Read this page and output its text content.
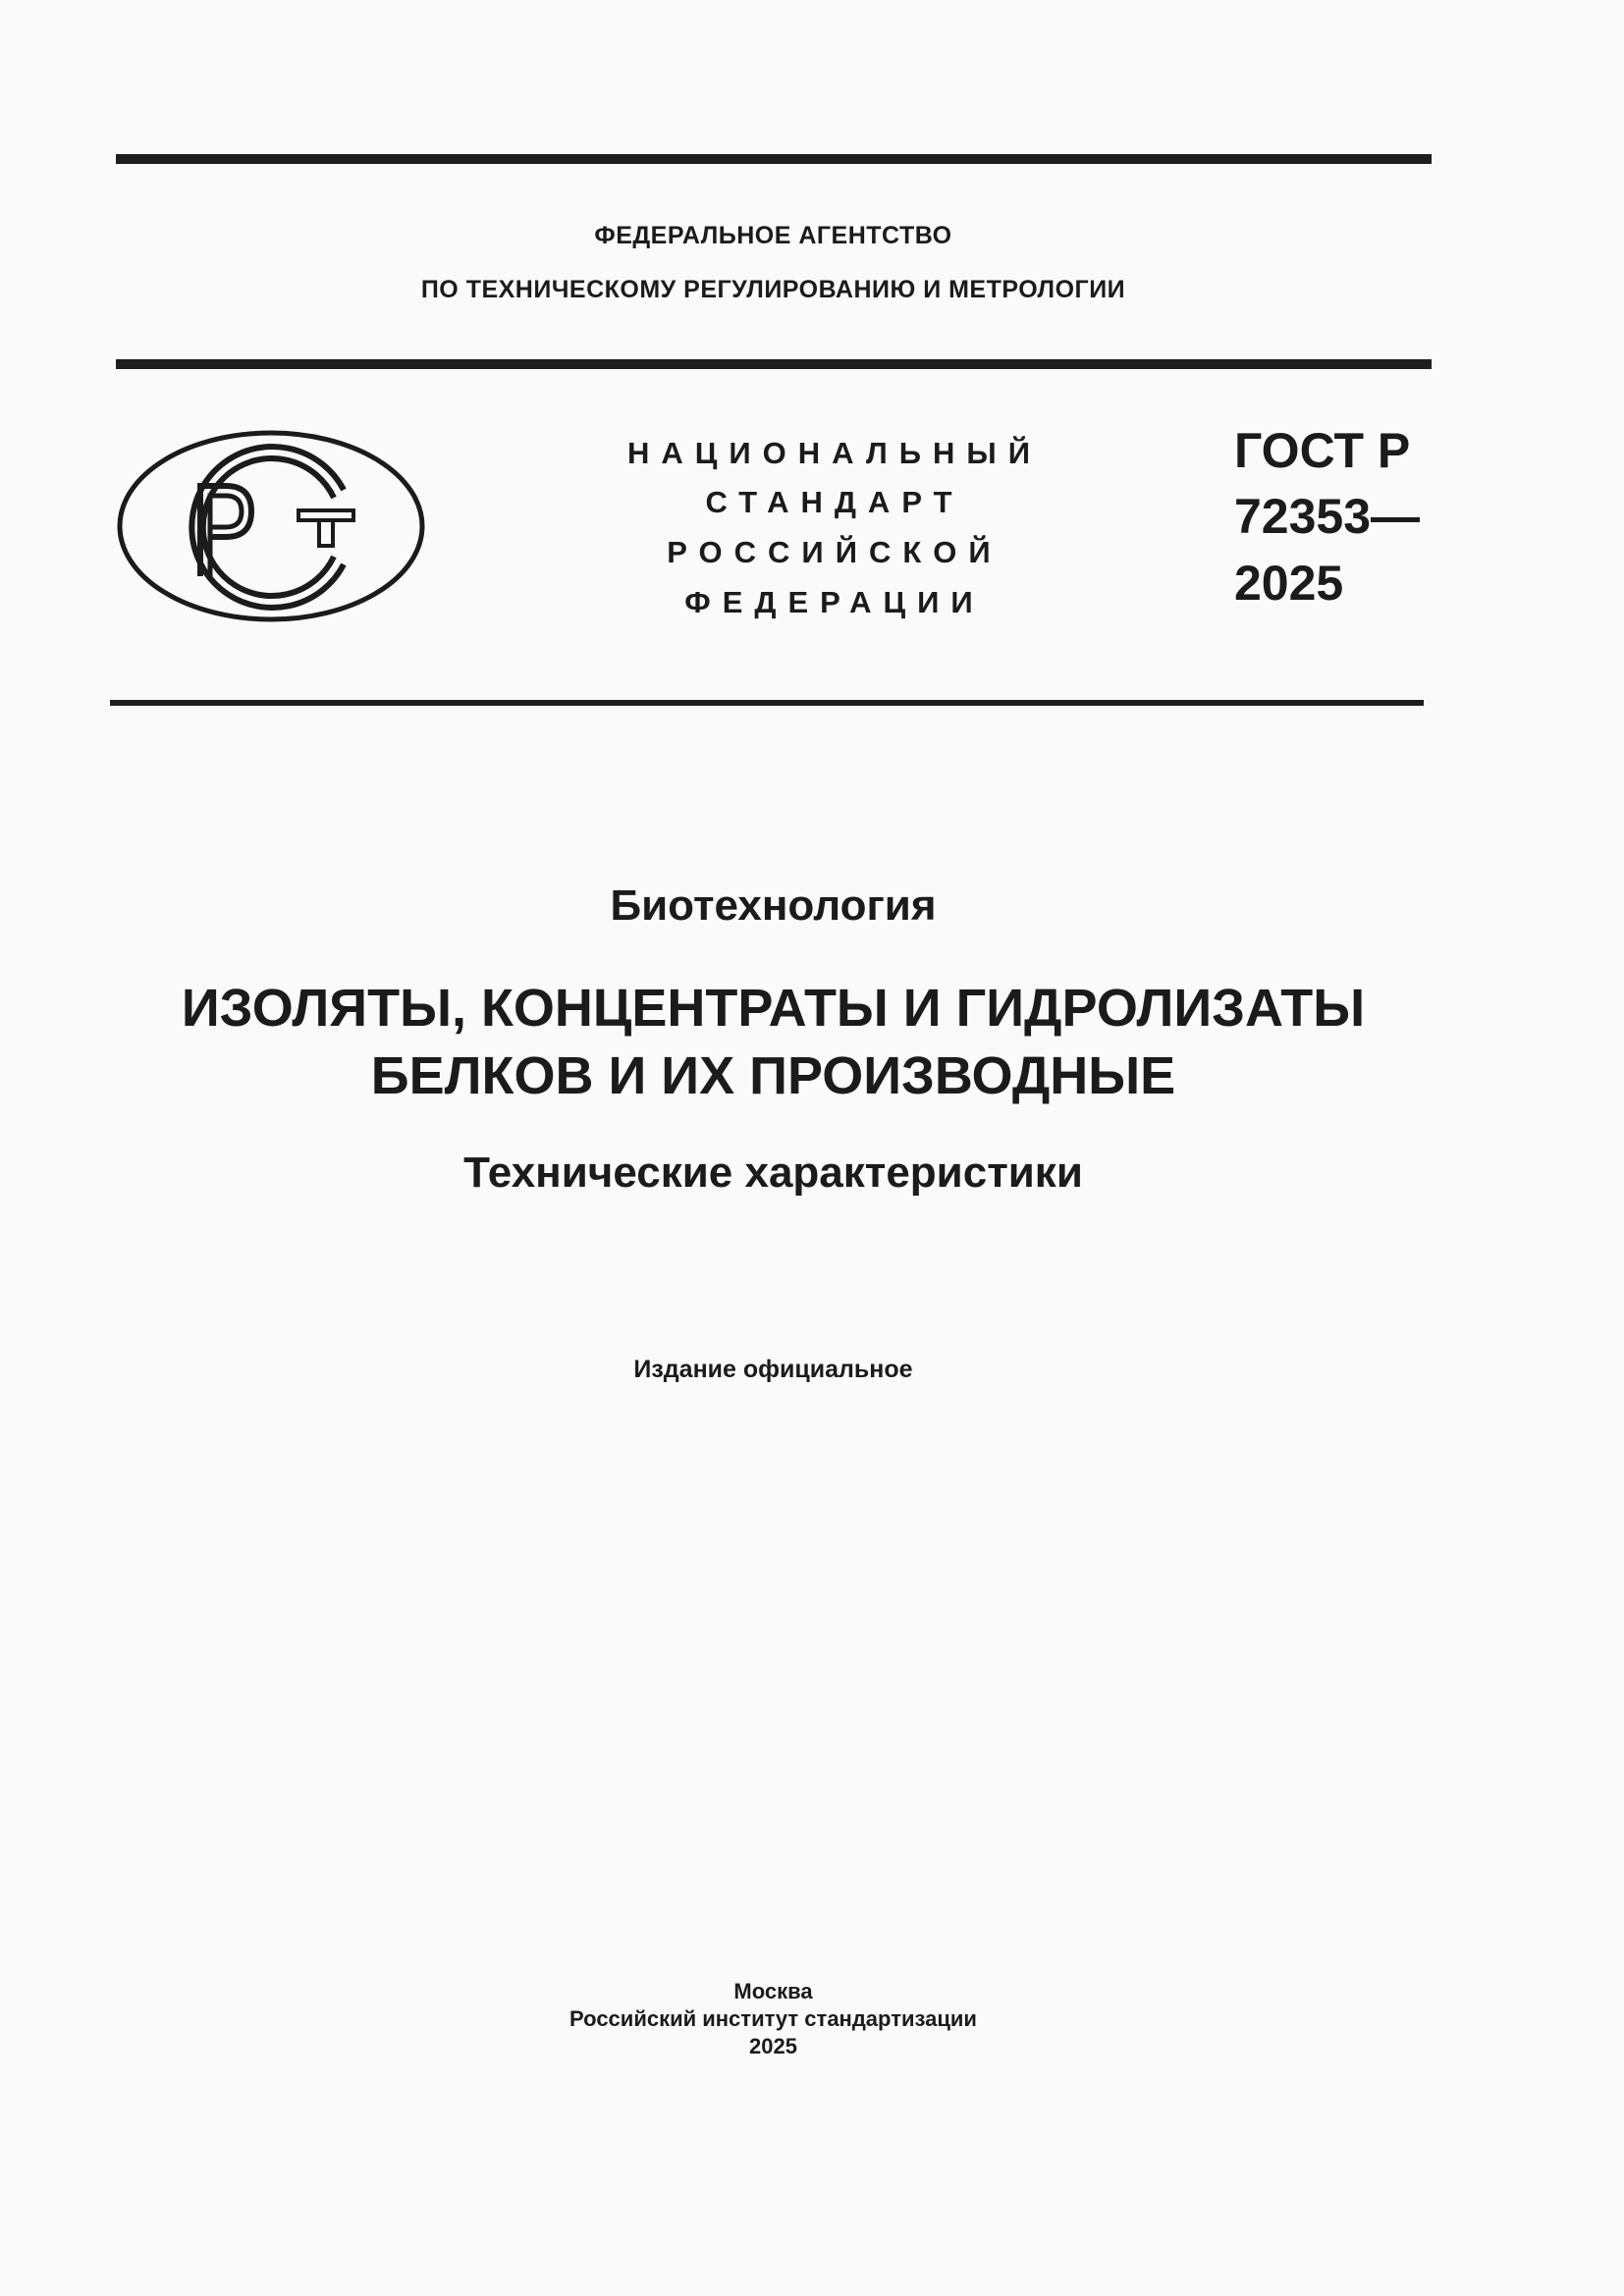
ФЕДЕРАЛЬНОЕ АГЕНТСТВО
ПО ТЕХНИЧЕСКОМУ РЕГУЛИРОВАНИЮ И МЕТРОЛОГИИ
НАЦИОНАЛЬНЫЙ
СТАНДАРТ
РОССИЙСКОЙ
ФЕДЕРАЦИИ
ГОСТ Р
72353—
2025
Биотехнология
ИЗОЛЯТЫ, КОНЦЕНТРАТЫ И ГИДРОЛИЗАТЫ
БЕЛКОВ И ИХ ПРОИЗВОДНЫЕ
Технические характеристики
Издание официальное
Москва
Российский институт стандартизации
2025
